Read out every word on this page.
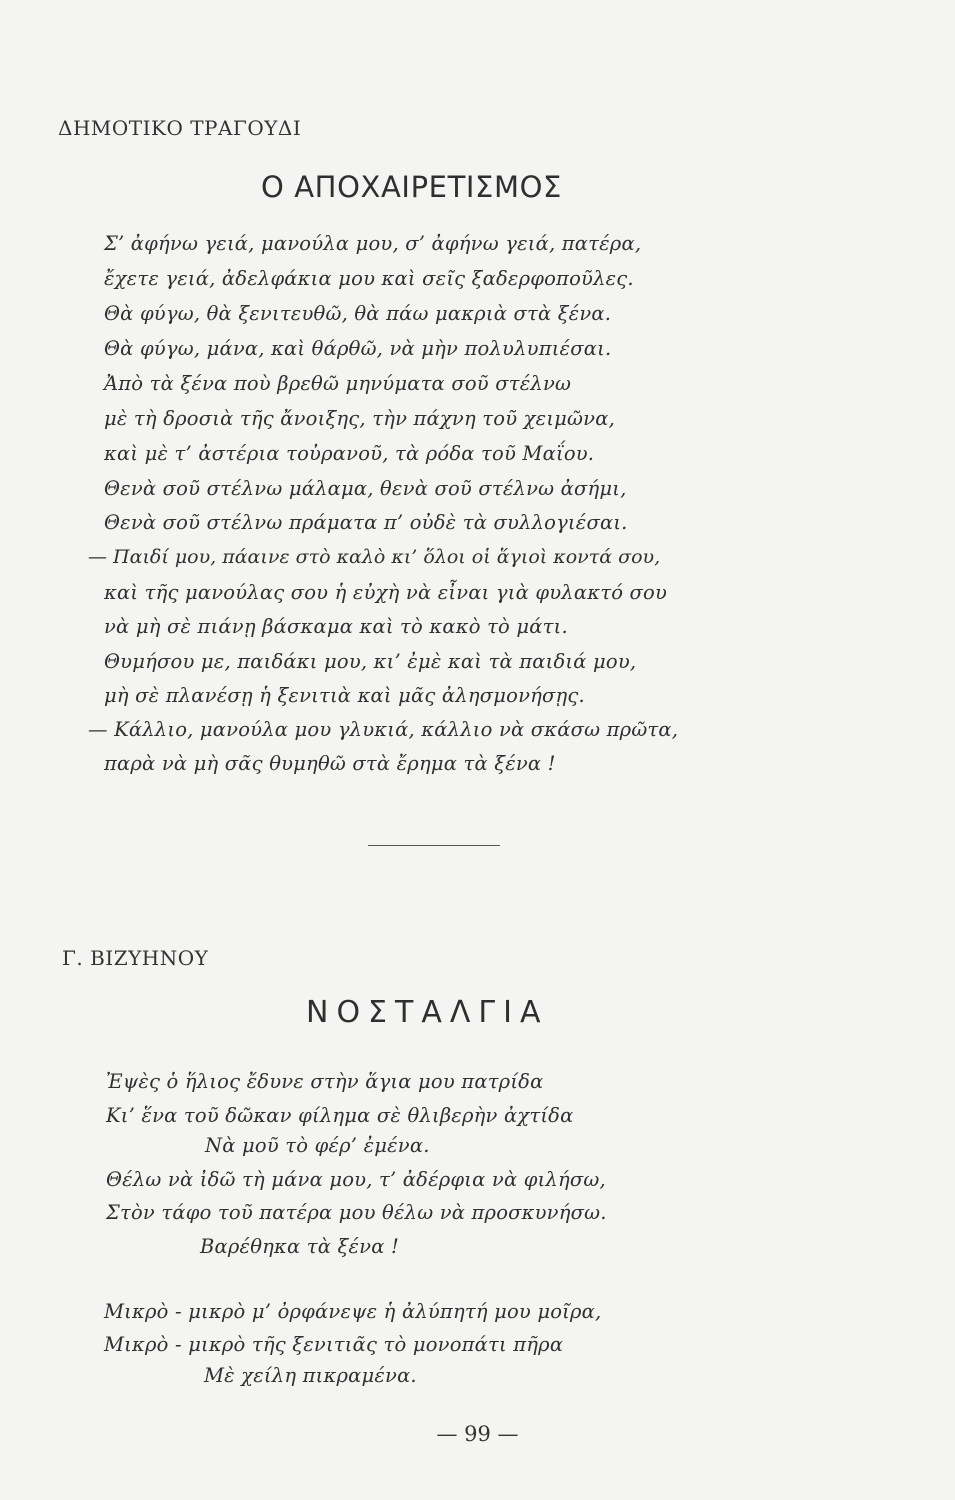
ΔΗΜΟΤΙΚΟ ΤΡΑΓΟΥΔΙ
Ο ΑΠΟΧΑΙΡΕΤΙΣΜΟΣ
Σ’ ἀφήνω γειά, μανούλα μου, σ’ ἀφήνω γειά, πατέρα,
ἔχετε γειά, ἀδελφάκια μου καὶ σεῖς ξαδερφοποῦλες.
Θὰ φύγω, θὰ ξενιτευθῶ, θὰ πάω μακριὰ στὰ ξένα.
Θὰ φύγω, μάνα, καὶ θάρθῶ, νὰ μὴν πολυλυπιέσαι.
Ἀπὸ τὰ ξένα ποὺ βρεθῶ μηνύματα σοῦ στέλνω
μὲ τὴ δροσιὰ τῆς ἄνοιξης, τὴν πάχνη τοῦ χειμῶνα,
καὶ μὲ τ’ ἀστέρια τοὐρανοῦ, τὰ ρόδα τοῦ Μαΐου.
Θενὰ σοῦ στέλνω μάλαμα, θενὰ σοῦ στέλνω ἀσήμι,
Θενὰ σοῦ στέλνω πράματα π’ οὐδὲ τὰ συλλογιέσαι.
— Παιδί μου, πάαινε στὸ καλὸ κι’ ὅλοι οἱ ἅγιοὶ κοντά σου,
καὶ τῆς μανούλας σου ἡ εὐχὴ νὰ εἶναι γιὰ φυλακτό σου
νὰ μὴ σὲ πιάνῃ βάσκαμα καὶ τὸ κακὸ τὸ μάτι.
Θυμήσου με, παιδάκι μου, κι’ ἐμὲ καὶ τὰ παιδιά μου,
μὴ σὲ πλανέσῃ ἡ ξενιτιὰ καὶ μᾶς ἀλησμονήσῃς.
— Κάλλιο, μανούλα μου γλυκιά, κάλλιο νὰ σκάσω πρῶτα,
παρὰ νὰ μὴ σᾶς θυμηθῶ στὰ ἔρημα τὰ ξένα !
Γ. ΒΙΖΥΗΝΟΥ
ΝΟΣΤΑΛΓΙΑ
Ἐψὲς ὁ ἥλιος ἔδυνε στὴν ἅγια μου πατρίδα
Κι’ ἕνα τοῦ δῶκαν φίλημα σὲ θλιβερὴν ἀχτίδα
Νὰ μοῦ τὸ φέρ’ ἐμένα.
Θέλω νὰ ἰδῶ τὴ μάνα μου, τ’ ἀδέρφια νὰ φιλήσω,
Στὸν τάφο τοῦ πατέρα μου θέλω νὰ προσκυνήσω.
Βαρέθηκα τὰ ξένα !
Μικρὸ - μικρὸ μ’ ὀρφάνεψε ἡ ἀλύπητή μου μοῖρα,
Μικρὸ - μικρὸ τῆς ξενιτιᾶς τὸ μονοπάτι πῆρα
Μὲ χείλη πικραμένα.
— 99 —
